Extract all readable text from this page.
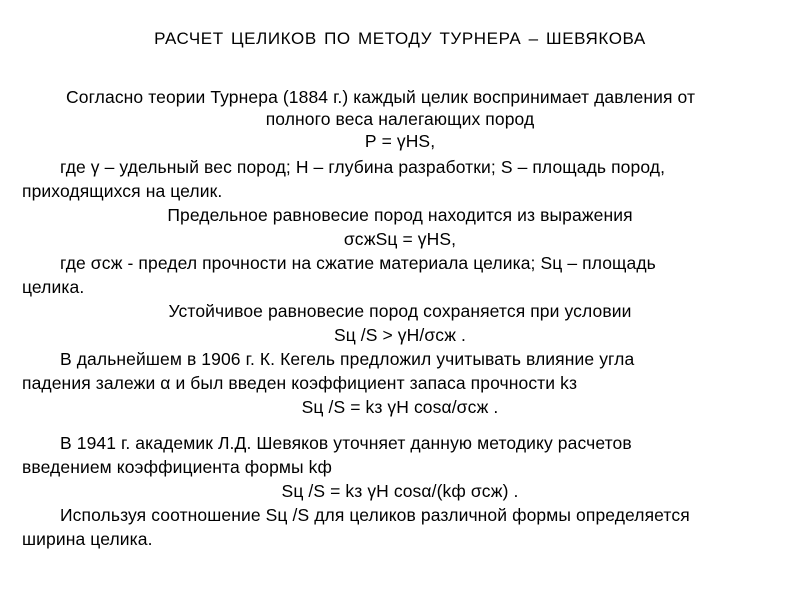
РАСЧЕТ ЦЕЛИКОВ ПО МЕТОДУ ТУРНЕРА – ШЕВЯКОВА
Согласно теории Турнера (1884 г.) каждый целик воспринимает давления от
полного веса налегающих пород
Р = γНS,
где γ – удельный вес пород; Н – глубина разработки; S – площадь пород,
приходящихся на целик.
Предельное равновесие пород находится из выражения
σсжSц = γНS,
где σсж - предел прочности на сжатие материала целика; Sц – площадь
целика.
Устойчивое равновесие пород сохраняется при условии
Sц /S > γН/σсж .
В дальнейшем в 1906 г. К. Кегель предложил учитывать влияние угла
падения залежи α и был введен коэффициент запаса прочности kз
Sц /S = kз γН cosα/σсж .
В 1941 г. академик Л.Д. Шевяков уточняет данную методику расчетов
введением коэффициента формы kф
Sц /S = kз γН cosα/(kф σсж) .
Используя соотношение Sц /S для целиков различной формы определяется
ширина целика.
